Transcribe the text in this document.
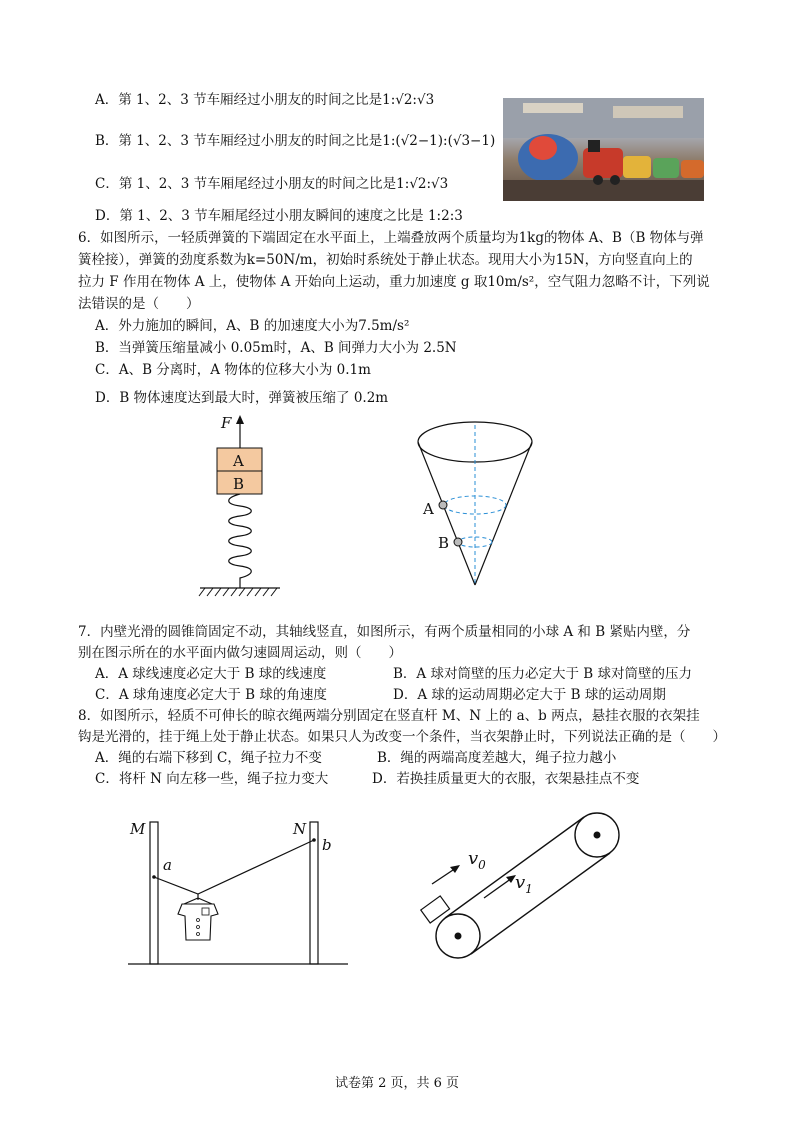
A．第 1、2、3 节车厢经过小朋友的时间之比是1:√2:√3
B．第 1、2、3 节车厢经过小朋友的时间之比是1:(√2−1):(√3−1)
C．第 1、2、3 节车厢尾经过小朋友的时间之比是1:√2:√3
D．第 1、2、3 节车厢尾经过小朋友瞬间的速度之比是 1:2:3
6．如图所示，一轻质弹簧的下端固定在水平面上，上端叠放两个质量均为1kg的物体 A、B（B 物体与弹
簧栓接），弹簧的劲度系数为k=50N/m，初始时系统处于静止状态。现用大小为15N，方向竖直向上的
拉力 F 作用在物体 A 上，使物体 A 开始向上运动，重力加速度 g 取10m/s²，空气阻力忽略不计，下列说
法错误的是（　　）
A．外力施加的瞬间，A、B 的加速度大小为7.5m/s²
B．当弹簧压缩量减小 0.05m时，A、B 间弹力大小为 2.5N
C．A、B 分离时，A 物体的位移大小为 0.1m
D．B 物体速度达到最大时，弹簧被压缩了 0.2m
F
A
B
A
B
7．内壁光滑的圆锥筒固定不动，其轴线竖直，如图所示，有两个质量相同的小球 A 和 B 紧贴内壁，分
别在图示所在的水平面内做匀速圆周运动，则（　　）
A．A 球线速度必定大于 B 球的线速度	B．A 球对筒壁的压力必定大于 B 球对筒壁的压力
C．A 球角速度必定大于 B 球的角速度	D．A 球的运动周期必定大于 B 球的运动周期
8．如图所示，轻质不可伸长的晾衣绳两端分别固定在竖直杆 M、N 上的 a、b 两点，悬挂衣服的衣架挂
钩是光滑的，挂于绳上处于静止状态。如果只人为改变一个条件，当衣架静止时，下列说法正确的是（　　）
A．绳的右端下移到 C，绳子拉力不变	B．绳的两端高度差越大，绳子拉力越小
C．将杆 N 向左移一些，绳子拉力变大	D．若换挂质量更大的衣服，衣架悬挂点不变
M	N
a
b
$v_0$
$v_1$
试卷第 2 页，共 6 页
